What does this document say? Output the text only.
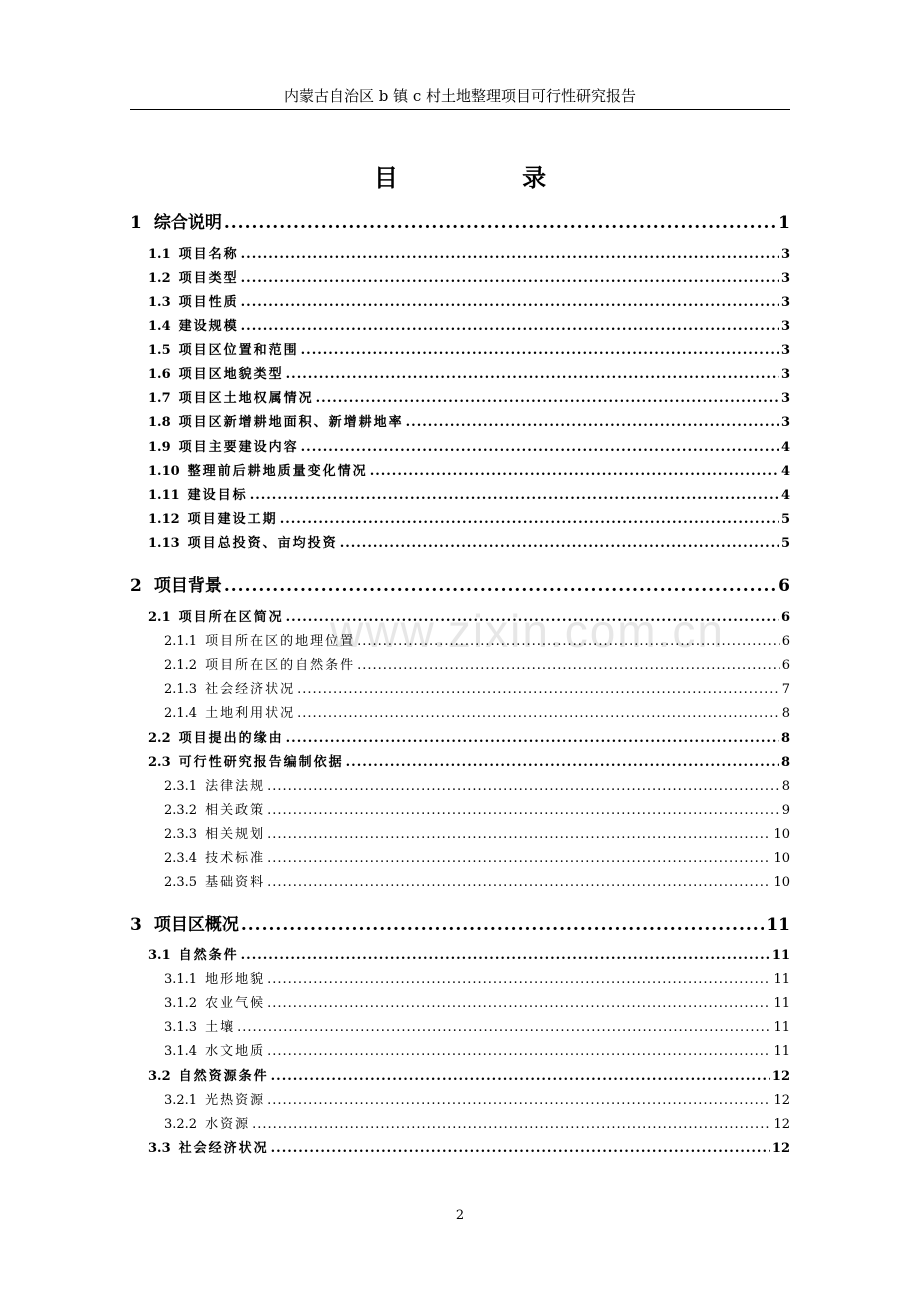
内蒙古自治区 b 镇 c 村土地整理项目可行性研究报告
目 录
www.zixin.com.cn
1 综合说明 .....	1
1.1 项目名称 .....	3
1.2 项目类型 .....	3
1.3 项目性质 .....	3
1.4 建设规模 .....	3
1.5 项目区位置和范围 .....	3
1.6 项目区地貌类型 .....	3
1.7 项目区土地权属情况 .....	3
1.8 项目区新增耕地面积、新增耕地率 .....	3
1.9 项目主要建设内容 .....	4
1.10 整理前后耕地质量变化情况 .....	4
1.11 建设目标 .....	4
1.12 项目建设工期 .....	5
1.13 项目总投资、亩均投资 .....	5
2 项目背景 .....	6
2.1 项目所在区简况 .....	6
2.1.1 项目所在区的地理位置 .....	6
2.1.2 项目所在区的自然条件 .....	6
2.1.3 社会经济状况 .....	7
2.1.4 土地利用状况 .....	8
2.2 项目提出的缘由 .....	8
2.3 可行性研究报告编制依据 .....	8
2.3.1 法律法规 .....	8
2.3.2 相关政策 .....	9
2.3.3 相关规划 .....	10
2.3.4 技术标准 .....	10
2.3.5 基础资料 .....	10
3 项目区概况 .....	11
3.1 自然条件 .....	11
3.1.1 地形地貌 .....	11
3.1.2 农业气候 .....	11
3.1.3 土壤 .....	11
3.1.4 水文地质 .....	11
3.2 自然资源条件 .....	12
3.2.1 光热资源 .....	12
3.2.2 水资源 .....	12
3.3 社会经济状况 .....	12
2
